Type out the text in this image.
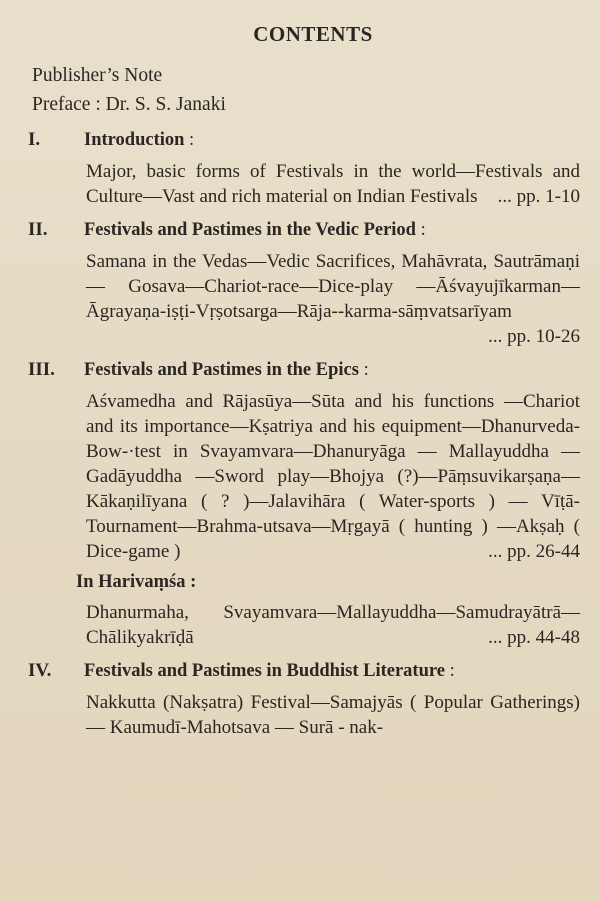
CONTENTS
Publisher’s Note
Preface : Dr. S. S. Janaki
I.	Introduction :
Major, basic forms of Festivals in the world—Festivals and Culture—Vast and rich material on Indian Festivals	... pp. 1-10
II.	Festivals and Pastimes in the Vedic Period :
Samana in the Vedas—Vedic Sacrifices, Mahāvrata, Sautrāmaṇi— Gosava—Chariot-race—Dice-play —Āśvayujīkarman—Āgrayaṇa-iṣṭi-Vṛṣotsarga—Rāja--karma-sāṃvatsarīyam
... pp. 10-26
III.	Festivals and Pastimes in the Epics :
Aśvamedha and Rājasūya—Sūta and his functions —Chariot and its importance—Kṣatriya and his equipment—Dhanurveda-Bow-·test in Svayamvara—Dhanuryāga — Mallayuddha — Gadāyuddha —Sword play—Bhojya (?)—Pāṃsuvikarṣaṇa—Kākaṇilīyana ( ? )—Jalavihāra ( Water-sports ) — Vīṭā-Tournament—Brahma-utsava—Mṛgayā ( hunting ) —Akṣaḥ ( Dice-game )	... pp. 26-44
In Harivaṃśa :
Dhanurmaha, Svayamvara—Mallayuddha—Samudrayātrā—Chālikyakrīḍā	... pp. 44-48
IV.	Festivals and Pastimes in Buddhist Literature :
Nakkutta (Nakṣatra) Festival—Samajyās ( Popular Gatherings) — Kaumudī-Mahotsava — Surā - nak-
